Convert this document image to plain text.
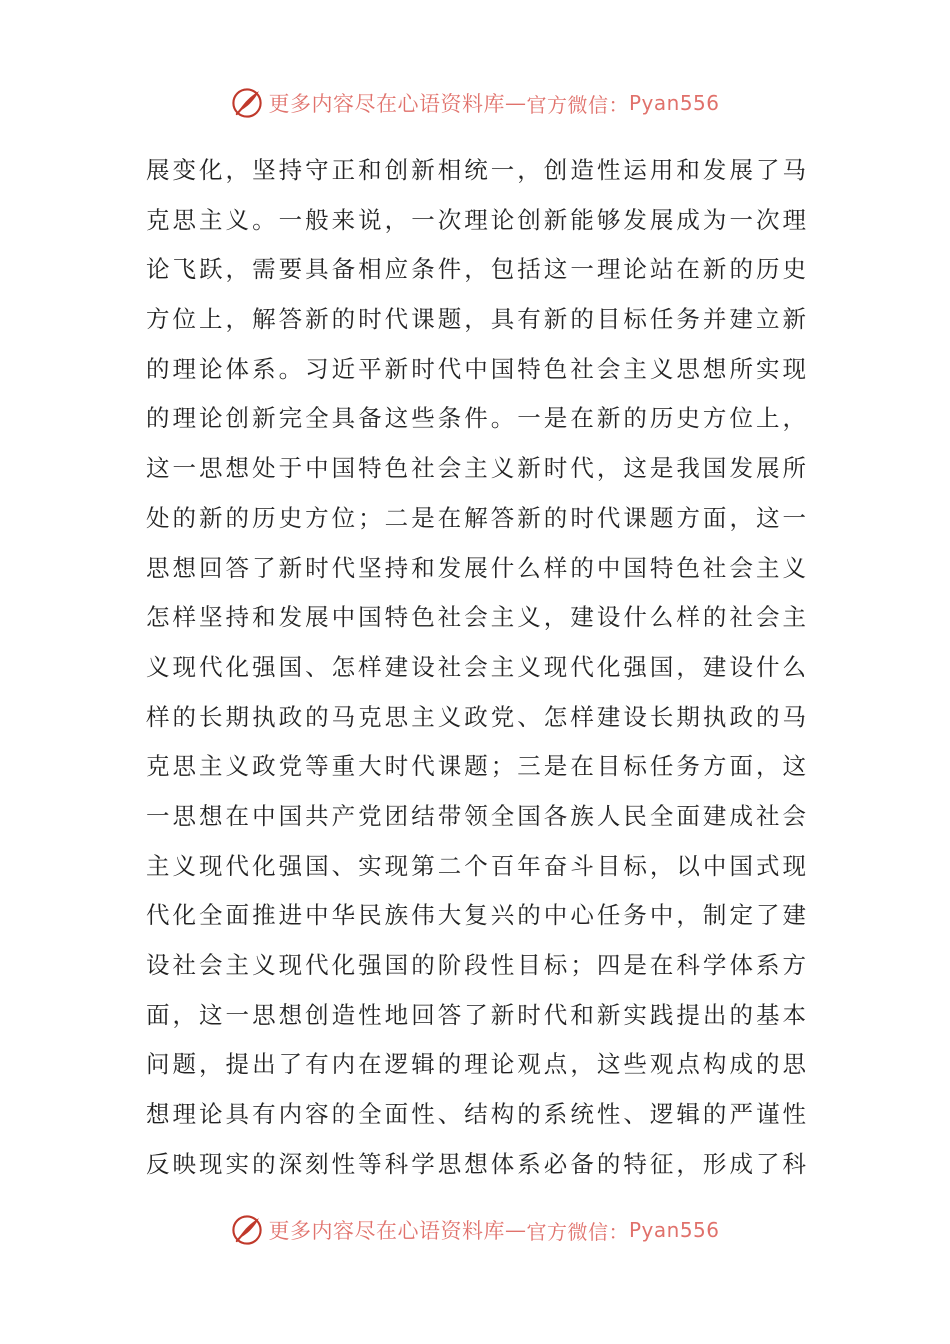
更多内容尽在心语资料库 — 官方微信： Pyan556
展变化，坚持守正和创新相统一，创造性运用和发展了马
克思主义。一般来说，一次理论创新能够发展成为一次理
论飞跃，需要具备相应条件，包括这一理论站在新的历史
方位上，解答新的时代课题，具有新的目标任务并建立新
的理论体系。习近平新时代中国特色社会主义思想所实现
的理论创新完全具备这些条件。一是在新的历史方位上，
这一思想处于中国特色社会主义新时代，这是我国发展所
处的新的历史方位；二是在解答新的时代课题方面，这一
思想回答了新时代坚持和发展什么样的中国特色社会主义
怎样坚持和发展中国特色社会主义，建设什么样的社会主
义现代化强国、怎样建设社会主义现代化强国，建设什么
样的长期执政的马克思主义政党、怎样建设长期执政的马
克思主义政党等重大时代课题；三是在目标任务方面，这
一思想在中国共产党团结带领全国各族人民全面建成社会
主义现代化强国、实现第二个百年奋斗目标，以中国式现
代化全面推进中华民族伟大复兴的中心任务中，制定了建
设社会主义现代化强国的阶段性目标；四是在科学体系方
面，这一思想创造性地回答了新时代和新实践提出的基本
问题，提出了有内在逻辑的理论观点，这些观点构成的思
想理论具有内容的全面性、结构的系统性、逻辑的严谨性
反映现实的深刻性等科学思想体系必备的特征，形成了科
更多内容尽在心语资料库 — 官方微信： Pyan556
